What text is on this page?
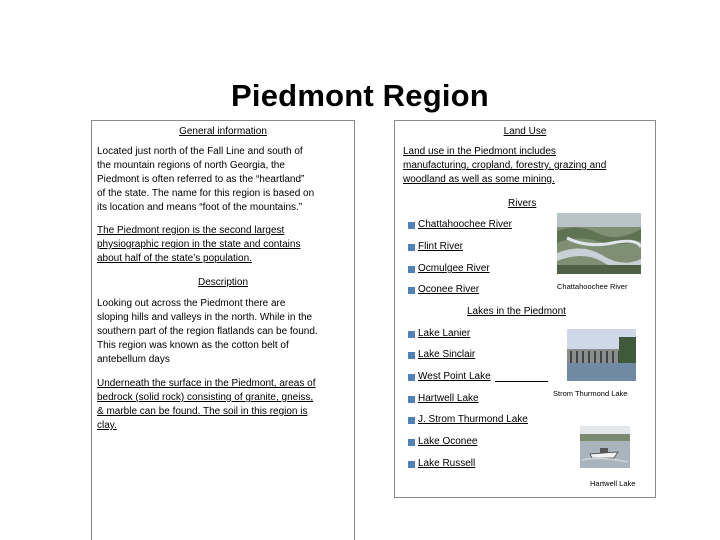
Piedmont Region
General information
Located just north of the Fall Line and south of
the mountain regions of north Georgia, the
Piedmont is often referred to as the “heartland”
of the state. The name for this region is based on
its location and means “foot of the mountains.”
The Piedmont region is the second largest
physiographic region in the state and contains
about half of the state’s population.
Description
Looking out across the Piedmont there are
sloping hills and valleys in the north. While in the
southern part of the region flatlands can be found.
This region was known as the cotton belt of
antebellum days
Underneath the surface in the Piedmont, areas of
bedrock (solid rock) consisting of granite, gneiss,
& marble can be found. The soil in this region is
clay.
Land Use
Land use in the Piedmont includes
manufacturing, cropland, forestry, grazing and
woodland as well as some mining.
Rivers
Chattahoochee River
Flint River
Ocmulgee River
Oconee River	Chattahoochee River
Lakes in the Piedmont
Lake Lanier
Lake Sinclair
West Point Lake
Hartwell Lake
J. Strom Thurmond Lake
Lake Oconee
Lake Russell
Strom Thurmond Lake
Hartwell Lake
